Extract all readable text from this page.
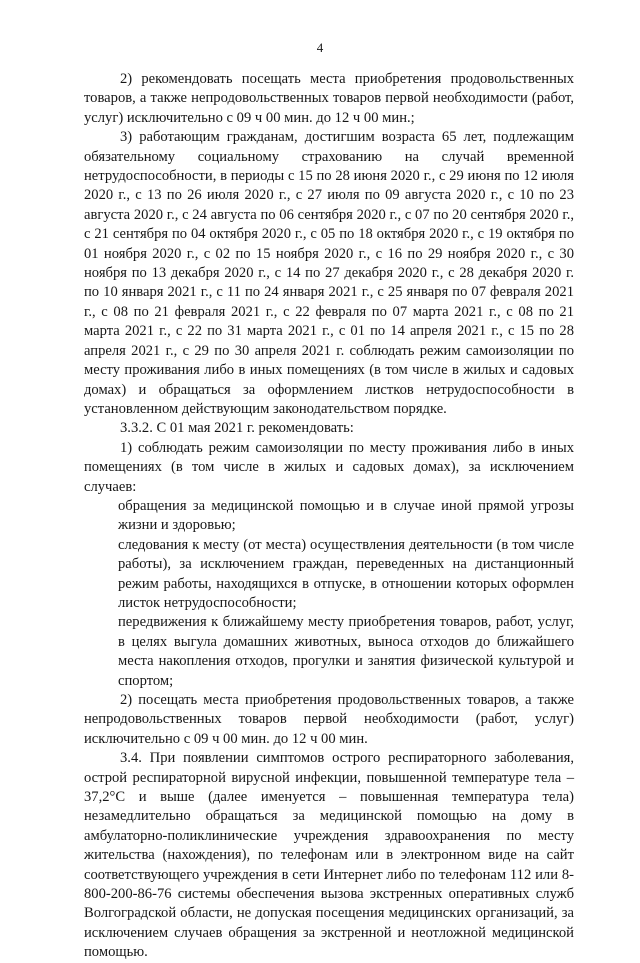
4

2) рекомендовать посещать места приобретения продовольственных товаров, а также непродовольственных товаров первой необходимости (работ, услуг) исключительно с 09 ч 00 мин. до 12 ч 00 мин.;

3) работающим гражданам, достигшим возраста 65 лет, подлежащим обязательному социальному страхованию на случай временной нетрудоспособности, в периоды с 15 по 28 июня 2020 г., с 29 июня по 12 июля 2020 г., с 13 по 26 июля 2020 г., с 27 июля по 09 августа 2020 г., с 10 по 23 августа 2020 г., с 24 августа по 06 сентября 2020 г., с 07 по 20 сентября 2020 г., с 21 сентября по 04 октября 2020 г., с 05 по 18 октября 2020 г., с 19 октября по 01 ноября 2020 г., с 02 по 15 ноября 2020 г., с 16 по 29 ноября 2020 г., с 30 ноября по 13 декабря 2020 г., с 14 по 27 декабря 2020 г., с 28 декабря 2020 г. по 10 января 2021 г., с 11 по 24 января 2021 г., с 25 января по 07 февраля 2021 г., с 08 по 21 февраля 2021 г., с 22 февраля по 07 марта 2021 г., с 08 по 21 марта 2021 г., с 22 по 31 марта 2021 г., с 01 по 14 апреля 2021 г., с 15 по 28 апреля 2021 г., с 29 по 30 апреля 2021 г. соблюдать режим самоизоляции по месту проживания либо в иных помещениях (в том числе в жилых и садовых домах) и обращаться за оформлением листков нетрудоспособности в установленном действующим законодательством порядке.

3.3.2. С 01 мая 2021 г. рекомендовать:

1) соблюдать режим самоизоляции по месту проживания либо в иных помещениях (в том числе в жилых и садовых домах), за исключением случаев:

обращения за медицинской помощью и в случае иной прямой угрозы жизни и здоровью;

следования к месту (от места) осуществления деятельности (в том числе работы), за исключением граждан, переведенных на дистанционный режим работы, находящихся в отпуске, в отношении которых оформлен листок нетрудоспособности;

передвижения к ближайшему месту приобретения товаров, работ, услуг, в целях выгула домашних животных, выноса отходов до ближайшего места накопления отходов, прогулки и занятия физической культурой и спортом;

2) посещать места приобретения продовольственных товаров, а также непродовольственных товаров первой необходимости (работ, услуг) исключительно с 09 ч 00 мин. до 12 ч 00 мин.

3.4. При появлении симптомов острого респираторного заболевания, острой респираторной вирусной инфекции, повышенной температуре тела – 37,2°С и выше (далее именуется – повышенная температура тела) незамедлительно обращаться за медицинской помощью на дому в амбулаторно-поликлинические учреждения здравоохранения по месту жительства (нахождения), по телефонам или в электронном виде на сайт соответствующего учреждения в сети Интернет либо по телефонам 112 или 8-800-200-86-76 системы обеспечения вызова экстренных оперативных служб Волгоградской области, не допуская посещения медицинских организаций, за исключением случаев обращения за экстренной и неотложной медицинской помощью.
